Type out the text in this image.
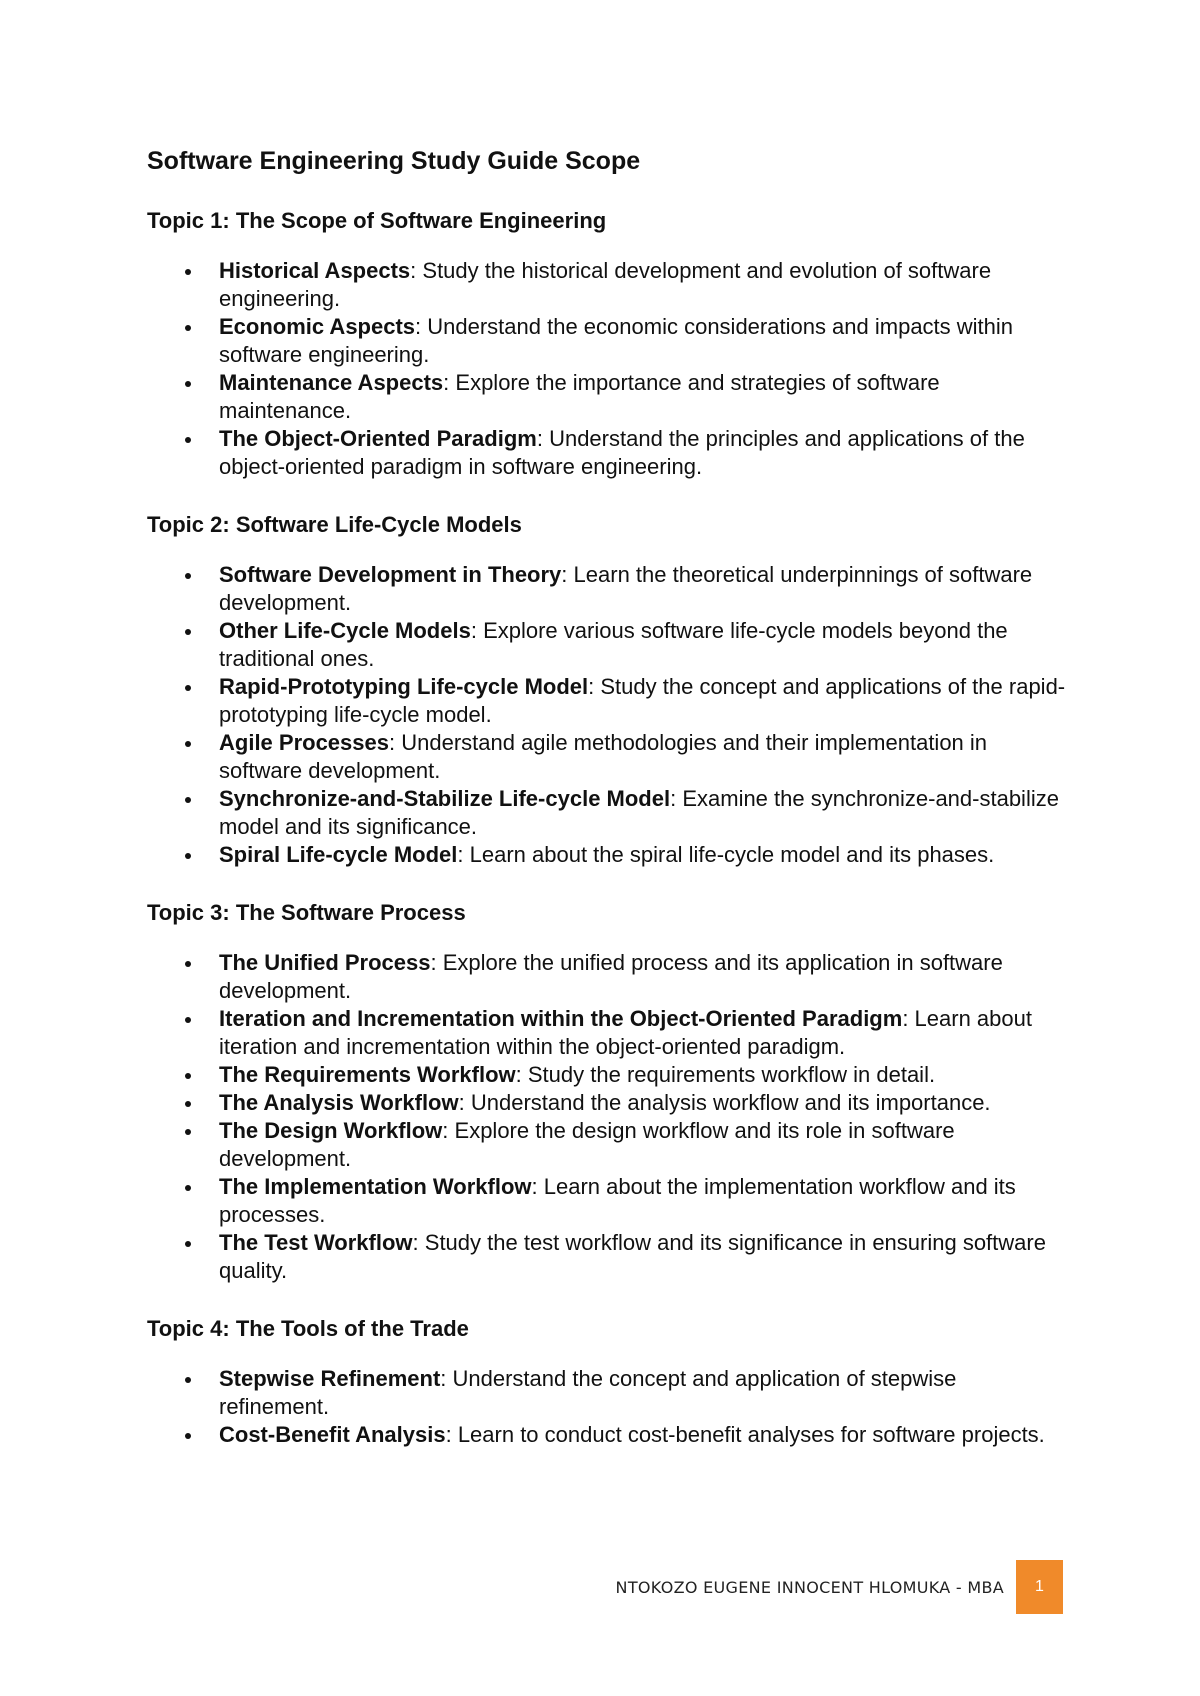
Software Engineering Study Guide Scope
Topic 1: The Scope of Software Engineering
Historical Aspects: Study the historical development and evolution of software engineering.
Economic Aspects: Understand the economic considerations and impacts within software engineering.
Maintenance Aspects: Explore the importance and strategies of software maintenance.
The Object-Oriented Paradigm: Understand the principles and applications of the object-oriented paradigm in software engineering.
Topic 2: Software Life-Cycle Models
Software Development in Theory: Learn the theoretical underpinnings of software development.
Other Life-Cycle Models: Explore various software life-cycle models beyond the traditional ones.
Rapid-Prototyping Life-cycle Model: Study the concept and applications of the rapid-prototyping life-cycle model.
Agile Processes: Understand agile methodologies and their implementation in software development.
Synchronize-and-Stabilize Life-cycle Model: Examine the synchronize-and-stabilize model and its significance.
Spiral Life-cycle Model: Learn about the spiral life-cycle model and its phases.
Topic 3: The Software Process
The Unified Process: Explore the unified process and its application in software development.
Iteration and Incrementation within the Object-Oriented Paradigm: Learn about iteration and incrementation within the object-oriented paradigm.
The Requirements Workflow: Study the requirements workflow in detail.
The Analysis Workflow: Understand the analysis workflow and its importance.
The Design Workflow: Explore the design workflow and its role in software development.
The Implementation Workflow: Learn about the implementation workflow and its processes.
The Test Workflow: Study the test workflow and its significance in ensuring software quality.
Topic 4: The Tools of the Trade
Stepwise Refinement: Understand the concept and application of stepwise refinement.
Cost-Benefit Analysis: Learn to conduct cost-benefit analyses for software projects.
NTOKOZO EUGENE INNOCENT HLOMUKA - MBA	1
